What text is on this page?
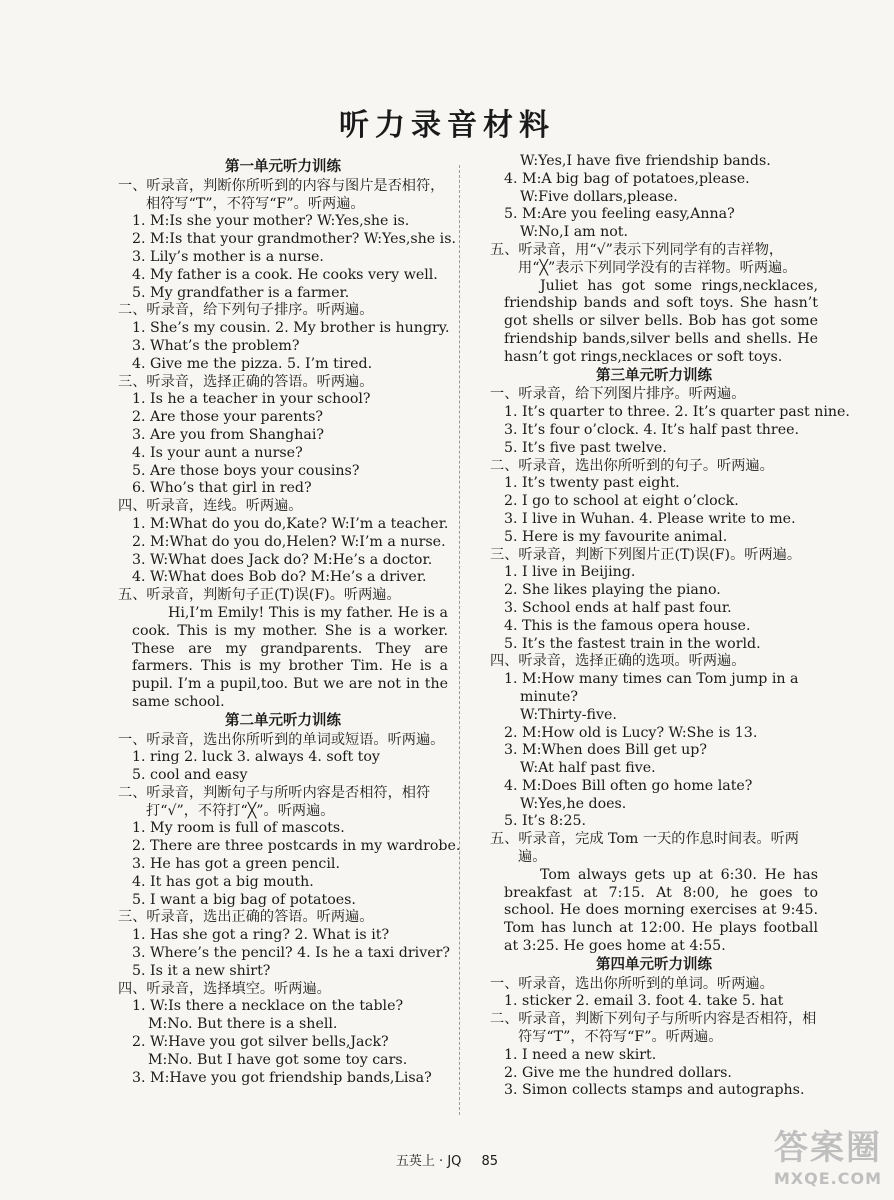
听力录音材料
第一单元听力训练
一、听录音，判断你所听到的内容与图片是否相符，相符写“T”，不符写“F”。听两遍。
1. M:Is she your mother? W:Yes,she is.
2. M:Is that your grandmother? W:Yes,she is.
3. Lily’s mother is a nurse.
4. My father is a cook. He cooks very well.
5. My grandfather is a farmer.
二、听录音，给下列句子排序。听两遍。
1. She’s my cousin. 2. My brother is hungry.
3. What’s the problem?
4. Give me the pizza. 5. I’m tired.
三、听录音，选择正确的答语。听两遍。
1. Is he a teacher in your school?
2. Are those your parents?
3. Are you from Shanghai?
4. Is your aunt a nurse?
5. Are those boys your cousins?
6. Who’s that girl in red?
四、听录音，连线。听两遍。
1. M:What do you do,Kate? W:I’m a teacher.
2. M:What do you do,Helen? W:I’m a nurse.
3. W:What does Jack do? M:He’s a doctor.
4. W:What does Bob do? M:He’s a driver.
五、听录音，判断句子正(T)误(F)。听两遍。
Hi,I’m Emily! This is my father. He is a cook. This is my mother. She is a worker. These are my grandparents. They are farmers. This is my brother Tim. He is a pupil. I’m a pupil,too. But we are not in the same school.
第二单元听力训练
一、听录音，选出你所听到的单词或短语。听两遍。
1. ring 2. luck 3. always 4. soft toy
5. cool and easy
二、听录音，判断句子与所听内容是否相符，相符打“√”，不符打“╳”。听两遍。
1. My room is full of mascots.
2. There are three postcards in my wardrobe.
3. He has got a green pencil.
4. It has got a big mouth.
5. I want a big bag of potatoes.
三、听录音，选出正确的答语。听两遍。
1. Has she got a ring? 2. What is it?
3. Where’s the pencil? 4. Is he a taxi driver?
5. Is it a new shirt?
四、听录音，选择填空。听两遍。
1. W:Is there a necklace on the table?
M:No. But there is a shell.
2. W:Have you got silver bells,Jack?
M:No. But I have got some toy cars.
3. M:Have you got friendship bands,Lisa?
W:Yes,I have five friendship bands.
4. M:A big bag of potatoes,please.
W:Five dollars,please.
5. M:Are you feeling easy,Anna?
W:No,I am not.
五、听录音，用“√”表示下列同学有的吉祥物，用“╳”表示下列同学没有的吉祥物。听两遍。
Juliet has got some rings,necklaces, friendship bands and soft toys. She hasn’t got shells or silver bells. Bob has got some friendship bands,silver bells and shells. He hasn’t got rings,necklaces or soft toys.
第三单元听力训练
一、听录音，给下列图片排序。听两遍。
1. It’s quarter to three. 2. It’s quarter past nine.
3. It’s four o’clock. 4. It’s half past three.
5. It’s five past twelve.
二、听录音，选出你所听到的句子。听两遍。
1. It’s twenty past eight.
2. I go to school at eight o’clock.
3. I live in Wuhan. 4. Please write to me.
5. Here is my favourite animal.
三、听录音，判断下列图片正(T)误(F)。听两遍。
1. I live in Beijing.
2. She likes playing the piano.
3. School ends at half past four.
4. This is the famous opera house.
5. It’s the fastest train in the world.
四、听录音，选择正确的选项。听两遍。
1. M:How many times can Tom jump in a
minute?
W:Thirty-five.
2. M:How old is Lucy? W:She is 13.
3. M:When does Bill get up?
W:At half past five.
4. M:Does Bill often go home late?
W:Yes,he does.
5. It’s 8:25.
五、听录音，完成 Tom 一天的作息时间表。听两遍。
Tom always gets up at 6:30. He has breakfast at 7:15. At 8:00, he goes to school. He does morning exercises at 9:45. Tom has lunch at 12:00. He plays football at 3:25. He goes home at 4:55.
第四单元听力训练
一、听录音，选出你所听到的单词。听两遍。
1. sticker 2. email 3. foot 4. take 5. hat
二、听录音，判断下列句子与所听内容是否相符，相符写“T”，不符写“F”。听两遍。
1. I need a new skirt.
2. Give me the hundred dollars.
3. Simon collects stamps and autographs.
五英上 · JQ 85	答案圈
MXQE.COM
